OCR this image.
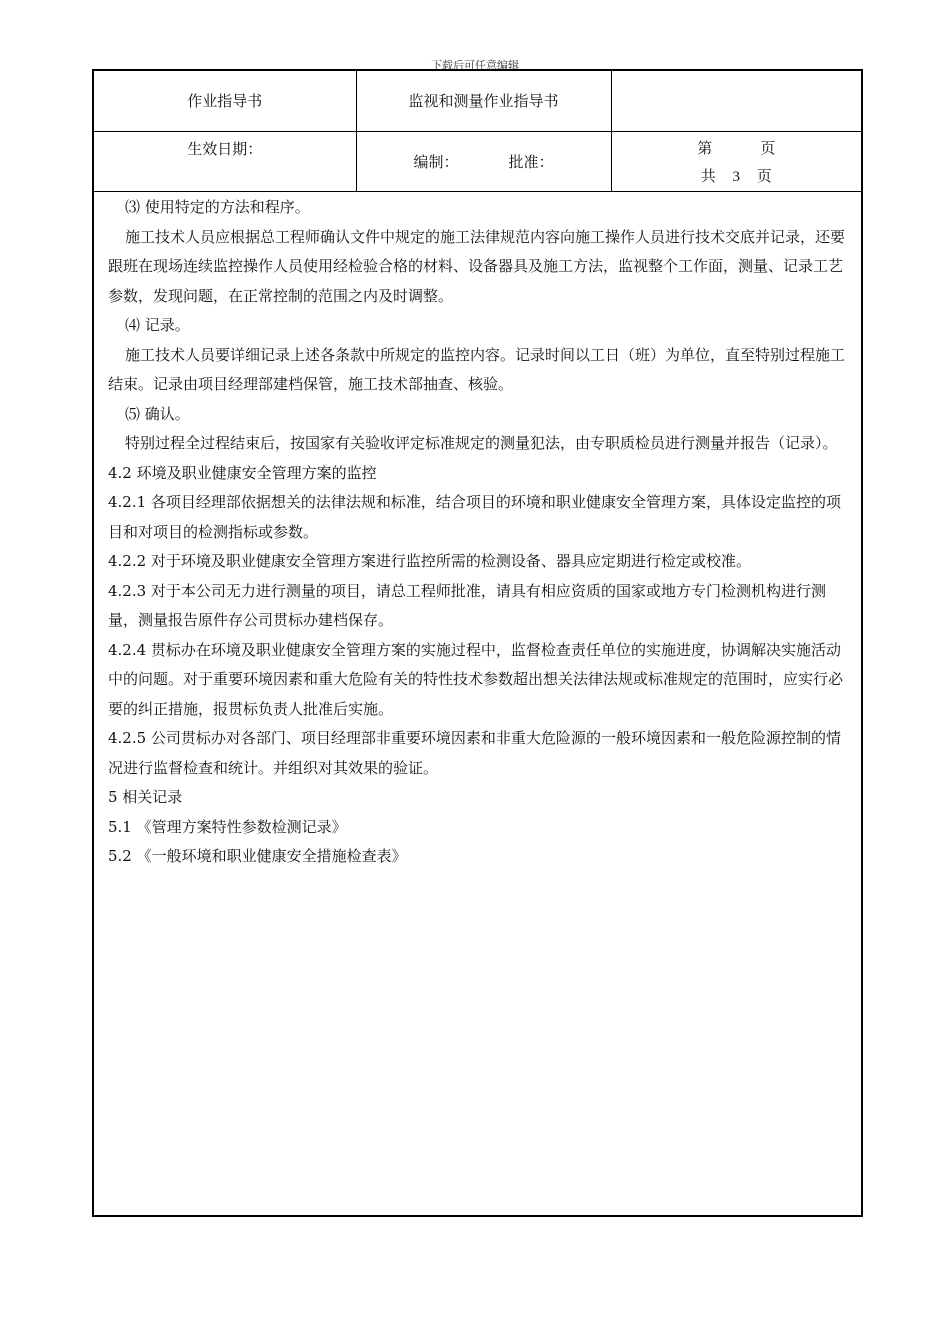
下载后可任意编辑
作业指导书	监视和测量作业指导书	
生效日期：	编制： 批准：	第 页
共 3 页

⑶ 使用特定的方法和程序。

施工技术人员应根据总工程师确认文件中规定的施工法律规范内容向施工操作人员进行技术交底并记录，还要跟班在现场连续监控操作人员使用经检验合格的材料、设备器具及施工方法，监视整个工作面，测量、记录工艺参数，发现问题，在正常控制的范围之内及时调整。

⑷ 记录。

施工技术人员要详细记录上述各条款中所规定的监控内容。记录时间以工日（班）为单位，直至特别过程施工结束。记录由项目经理部建档保管，施工技术部抽查、核验。

⑸ 确认。

特别过程全过程结束后，按国家有关验收评定标准规定的测量犯法，由专职质检员进行测量并报告（记录）。

4.2 环境及职业健康安全管理方案的监控

4.2.1 各项目经理部依据想关的法律法规和标准，结合项目的环境和职业健康安全管理方案，具体设定监控的项目和对项目的检测指标或参数。

4.2.2 对于环境及职业健康安全管理方案进行监控所需的检测设备、器具应定期进行检定或校准。

4.2.3 对于本公司无力进行测量的项目，请总工程师批准，请具有相应资质的国家或地方专门检测机构进行测量，测量报告原件存公司贯标办建档保存。

4.2.4 贯标办在环境及职业健康安全管理方案的实施过程中，监督检查责任单位的实施进度，协调解决实施活动中的问题。对于重要环境因素和重大危险有关的特性技术参数超出想关法律法规或标准规定的范围时，应实行必要的纠正措施，报贯标负责人批准后实施。

4.2.5 公司贯标办对各部门、项目经理部非重要环境因素和非重大危险源的一般环境因素和一般危险源控制的情况进行监督检查和统计。并组织对其效果的验证。

5 相关记录

5.1 《管理方案特性参数检测记录》

5.2 《一般环境和职业健康安全措施检查表》
